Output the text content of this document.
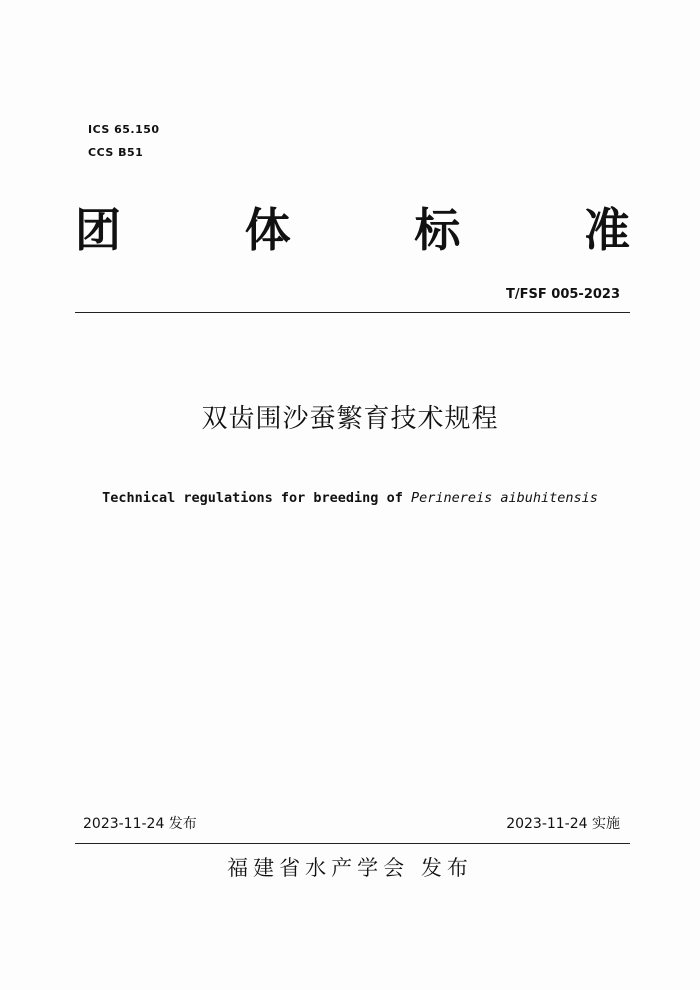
ICS 65.150
CCS B51
团	体	标	准
T/FSF 005-2023
双齿围沙蚕繁育技术规程
Technical regulations for breeding of Perinereis aibuhitensis
2023-11-24 发布	2023-11-24 实施
福建省水产学会 发布
